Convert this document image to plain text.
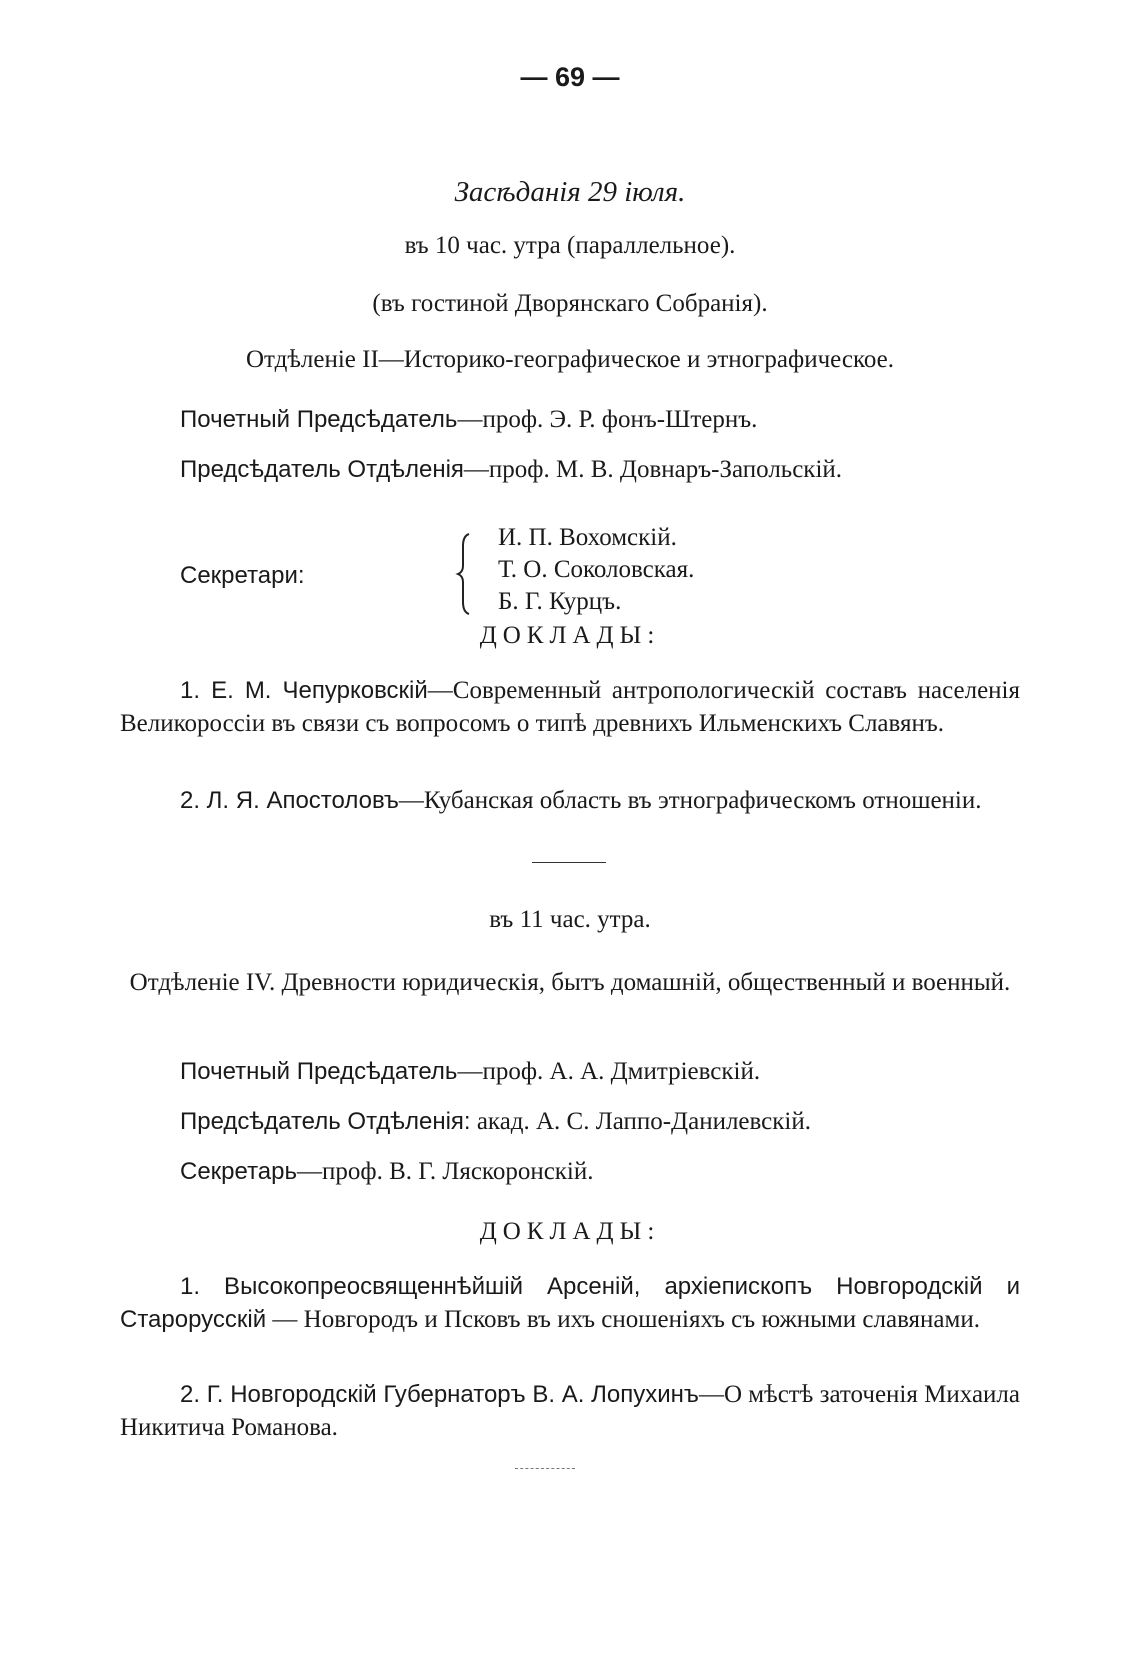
— 69 —
Засѣданія 29 іюля.
въ 10 час. утра (параллельное).
(въ гостиной Дворянскаго Собранія).
Отдѣленіе II—Историко-географическое и этнографическое.
Почетный Предсѣдатель—проф. Э. Р. фонъ-Штернъ.
Предсѣдатель Отдѣленія—проф. М. В. Довнаръ-Запольскій.
Секретари:
И. П. Вохомскій.
Т. О. Соколовская.
Б. Г. Курцъ.
ДОКЛАДЫ:
1. Е. М. Чепурковскій—Современный антропологическій составъ населенія Великороссіи въ связи съ вопросомъ о типѣ древнихъ Ильменскихъ Славянъ.
2. Л. Я. Апостоловъ—Кубанская область въ этнографическомъ отношеніи.
въ 11 час. утра.
Отдѣленіе IV. Древности юридическія, бытъ домашній, общественный и военный.
Почетный Предсѣдатель—проф. А. А. Дмитріевскій.
Предсѣдатель Отдѣленія: акад. А. С. Лаппо-Данилевскій.
Секретарь—проф. В. Г. Ляскоронскій.
ДОКЛАДЫ:
1. Высокопреосвященнѣйшій Арсеній, архіепископъ Новгородскій и Старорусскій — Новгородъ и Псковъ въ ихъ сношеніяхъ съ южными славянами.
2. Г. Новгородскій Губернаторъ В. А. Лопухинъ—О мѣстѣ заточенія Михаила Никитича Романова.
